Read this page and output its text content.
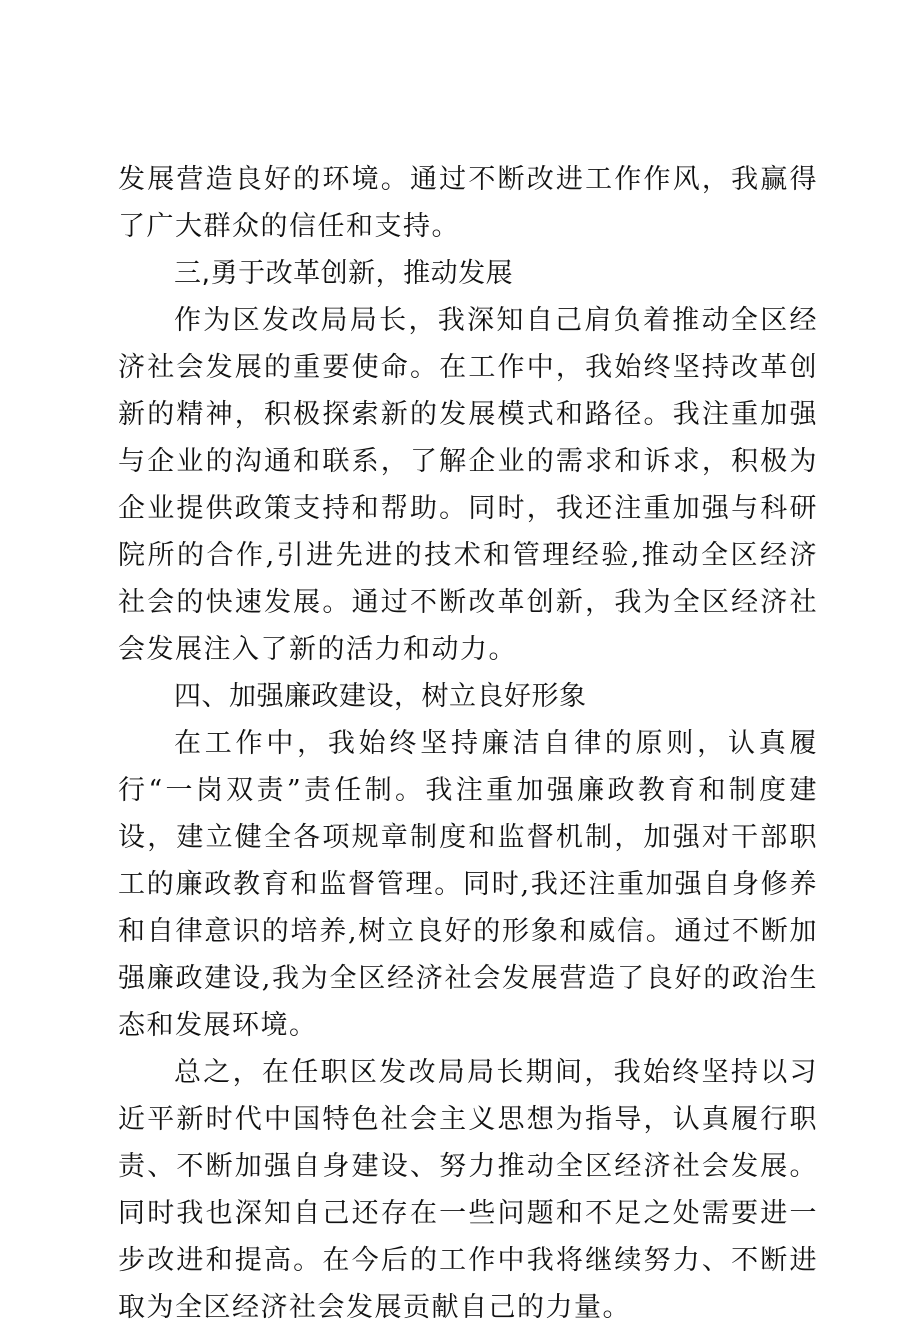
发展营造良好的环境。通过不断改进工作作风，我赢得了广大群众的信任和支持。

三,勇于改革创新，推动发展

作为区发改局局长，我深知自己肩负着推动全区经济社会发展的重要使命。在工作中，我始终坚持改革创新的精神，积极探索新的发展模式和路径。我注重加强与企业的沟通和联系，了解企业的需求和诉求，积极为企业提供政策支持和帮助。同时，我还注重加强与科研院所的合作,引进先进的技术和管理经验,推动全区经济社会的快速发展。通过不断改革创新，我为全区经济社会发展注入了新的活力和动力。

四、加强廉政建设，树立良好形象

在工作中，我始终坚持廉洁自律的原则，认真履行“一岗双责”责任制。我注重加强廉政教育和制度建设，建立健全各项规章制度和监督机制，加强对干部职工的廉政教育和监督管理。同时,我还注重加强自身修养和自律意识的培养,树立良好的形象和威信。通过不断加强廉政建设,我为全区经济社会发展营造了良好的政治生态和发展环境。

总之，在任职区发改局局长期间，我始终坚持以习近平新时代中国特色社会主义思想为指导，认真履行职责、不断加强自身建设、努力推动全区经济社会发展。同时我也深知自己还存在一些问题和不足之处需要进一步改进和提高。在今后的工作中我将继续努力、不断进取为全区经济社会发展贡献自己的力量。
